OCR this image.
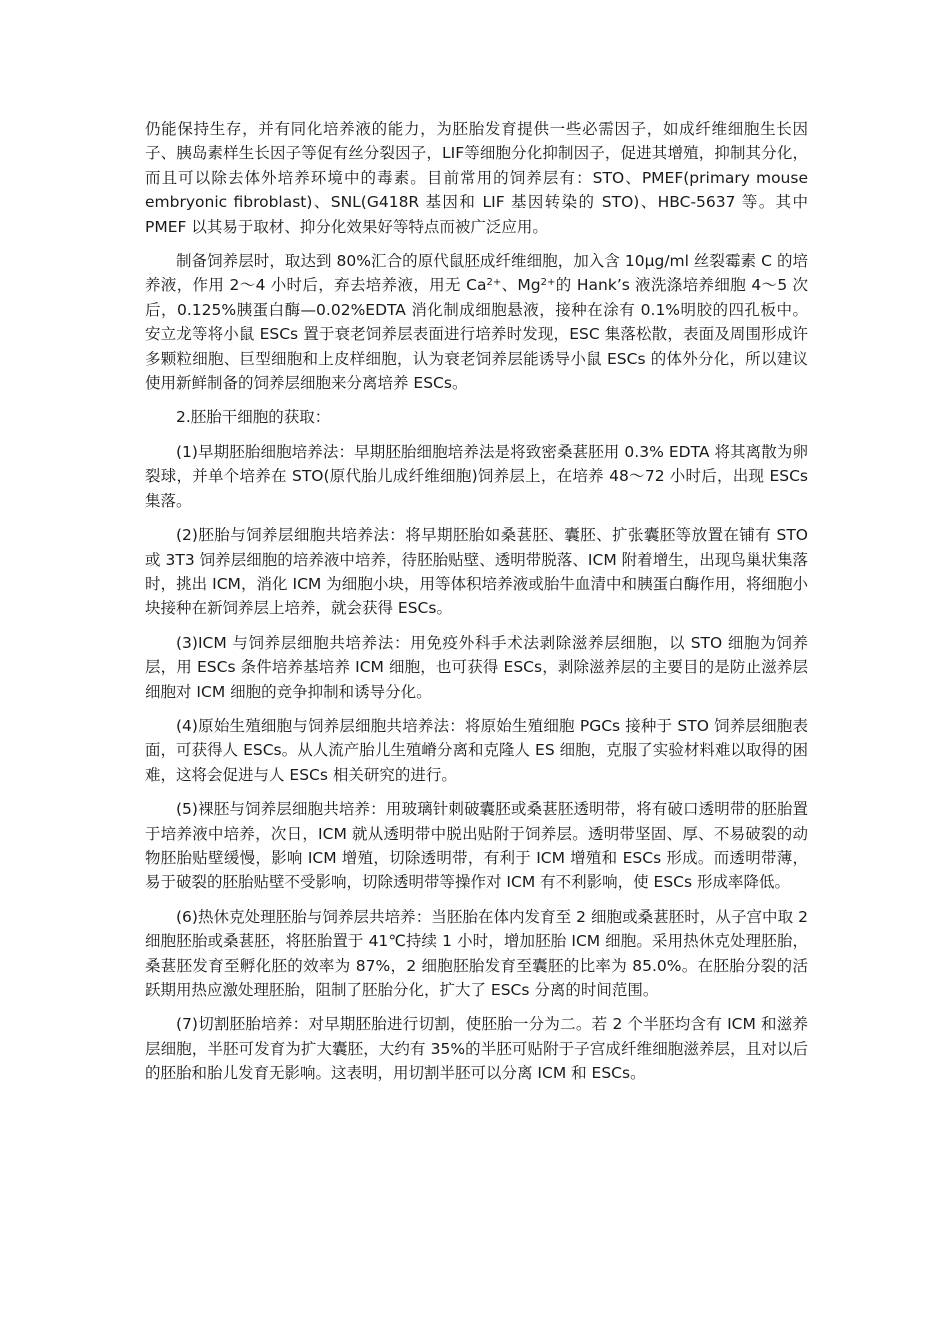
仍能保持生存，并有同化培养液的能力，为胚胎发育提供一些必需因子，如成纤维细胞生长因子、胰岛素样生长因子等促有丝分裂因子，LIF等细胞分化抑制因子，促进其增殖，抑制其分化，而且可以除去体外培养环境中的毒素。目前常用的饲养层有：STO、PMEF(primary mouse embryonic fibroblast)、SNL(G418R 基因和 LIF 基因转染的 STO)、HBC-5637 等。其中 PMEF 以其易于取材、抑分化效果好等特点而被广泛应用。

制备饲养层时，取达到 80%汇合的原代鼠胚成纤维细胞，加入含 10μg/ml 丝裂霉素 C 的培养液，作用 2～4 小时后，弃去培养液，用无 $Ca^{2+}$、$Mg^{2+}$的 Hank’s 液洗涤培养细胞 4～5 次后，0.125%胰蛋白酶—0.02%EDTA 消化制成细胞悬液，接种在涂有 0.1%明胶的四孔板中。安立龙等将小鼠 ESCs 置于衰老饲养层表面进行培养时发现，ESC 集落松散，表面及周围形成许多颗粒细胞、巨型细胞和上皮样细胞，认为衰老饲养层能诱导小鼠 ESCs 的体外分化，所以建议使用新鲜制备的饲养层细胞来分离培养 ESCs。

2.胚胎干细胞的获取：

(1)早期胚胎细胞培养法：早期胚胎细胞培养法是将致密桑葚胚用 0.3% EDTA 将其离散为卵裂球，并单个培养在 STO(原代胎儿成纤维细胞)饲养层上，在培养 48～72 小时后，出现 ESCs 集落。

(2)胚胎与饲养层细胞共培养法：将早期胚胎如桑葚胚、囊胚、扩张囊胚等放置在铺有 STO 或 3T3 饲养层细胞的培养液中培养，待胚胎贴壁、透明带脱落、ICM 附着增生，出现鸟巢状集落时，挑出 ICM，消化 ICM 为细胞小块，用等体积培养液或胎牛血清中和胰蛋白酶作用，将细胞小块接种在新饲养层上培养，就会获得 ESCs。

(3)ICM 与饲养层细胞共培养法：用免疫外科手术法剥除滋养层细胞，以 STO 细胞为饲养层，用 ESCs 条件培养基培养 ICM 细胞，也可获得 ESCs，剥除滋养层的主要目的是防止滋养层细胞对 ICM 细胞的竞争抑制和诱导分化。

(4)原始生殖细胞与饲养层细胞共培养法：将原始生殖细胞 PGCs 接种于 STO 饲养层细胞表面，可获得人 ESCs。从人流产胎儿生殖嵴分离和克隆人 ES 细胞，克服了实验材料难以取得的困难，这将会促进与人 ESCs 相关研究的进行。

(5)裸胚与饲养层细胞共培养：用玻璃针刺破囊胚或桑葚胚透明带，将有破口透明带的胚胎置于培养液中培养，次日，ICM 就从透明带中脱出贴附于饲养层。透明带坚固、厚、不易破裂的动物胚胎贴壁缓慢，影响 ICM 增殖，切除透明带，有利于 ICM 增殖和 ESCs 形成。而透明带薄，易于破裂的胚胎贴壁不受影响，切除透明带等操作对 ICM 有不利影响，使 ESCs 形成率降低。

(6)热休克处理胚胎与饲养层共培养：当胚胎在体内发育至 2 细胞或桑葚胚时，从子宫中取 2 细胞胚胎或桑葚胚，将胚胎置于 41℃持续 1 小时，增加胚胎 ICM 细胞。采用热休克处理胚胎，桑葚胚发育至孵化胚的效率为 87%，2 细胞胚胎发育至囊胚的比率为 85.0%。在胚胎分裂的活跃期用热应激处理胚胎，阻制了胚胎分化，扩大了 ESCs 分离的时间范围。

(7)切割胚胎培养：对早期胚胎进行切割，使胚胎一分为二。若 2 个半胚均含有 ICM 和滋养层细胞，半胚可发育为扩大囊胚，大约有 35%的半胚可贴附于子宫成纤维细胞滋养层，且对以后的胚胎和胎儿发育无影响。这表明，用切割半胚可以分离 ICM 和 ESCs。
